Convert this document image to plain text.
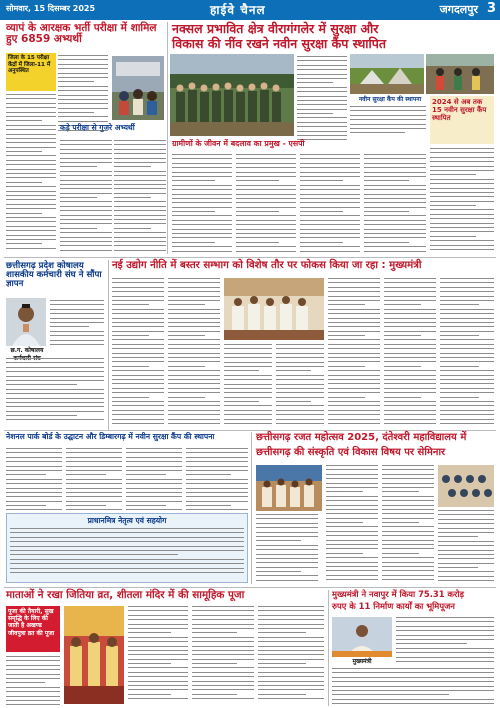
सोमवार, 15 दिसम्बर 2025	हाईवे चैनल	जगदलपुर 3
व्यापं के आरक्षक भर्ती परीक्षा में शामिल हुए 6859 अभ्यर्थी
जिला के 15 परीक्षा केंद्रों में जिला-11 में अनुपस्थित
कड़े परीक्षा से गुजरे अभ्यर्थी
नक्सल प्रभावित क्षेत्र वीरागंगलेर में सुरक्षा और
विकास की नींव रखने नवीन सुरक्षा कैंप स्थापित
नवीन सुरक्षा कैंप की स्थापना	2024 से अब तक 15 नवीन सुरक्षा कैंप स्थापित
ग्रामीणों के जीवन में बदलाव का प्रमुख - एसपी
छत्तीसगढ़ प्रदेश कोषालय शासकीय कर्मचारी संघ ने सौंपा ज्ञापन
छ.ग. कोषालय
नई उद्योग नीति में बस्तर सम्भाग को विशेष तौर पर फोकस किया जा रहा : मुख्यमंत्री
नेशनल पार्क बोर्ड के उद्घाटन और डिम्बारगढ़ में नवीन सुरक्षा कैंप की स्थापना
प्राधानमित्र नेतृत्व एवं सहयोग
छत्तीसगढ़ रजत महोत्सव 2025, दंतेश्वरी महाविद्यालय में
छत्तीसगढ़ की संस्कृति एवं विकास विषय पर सेमिनार
माताओं ने रखा जितिया व्रत, शीतला मंदिर में की सामूहिक पूजा
पूजा की तैयारी, सुख समृद्धि के लिए की जाती है अखण्ड जीवपुत्रा व्रत की पूजा
मुख्यमंत्री ने नवापुर में किया 75.31 करोड़
रुपए के 11 निर्माण कार्यों का भूमिपूजन
मुख्यमंत्री
